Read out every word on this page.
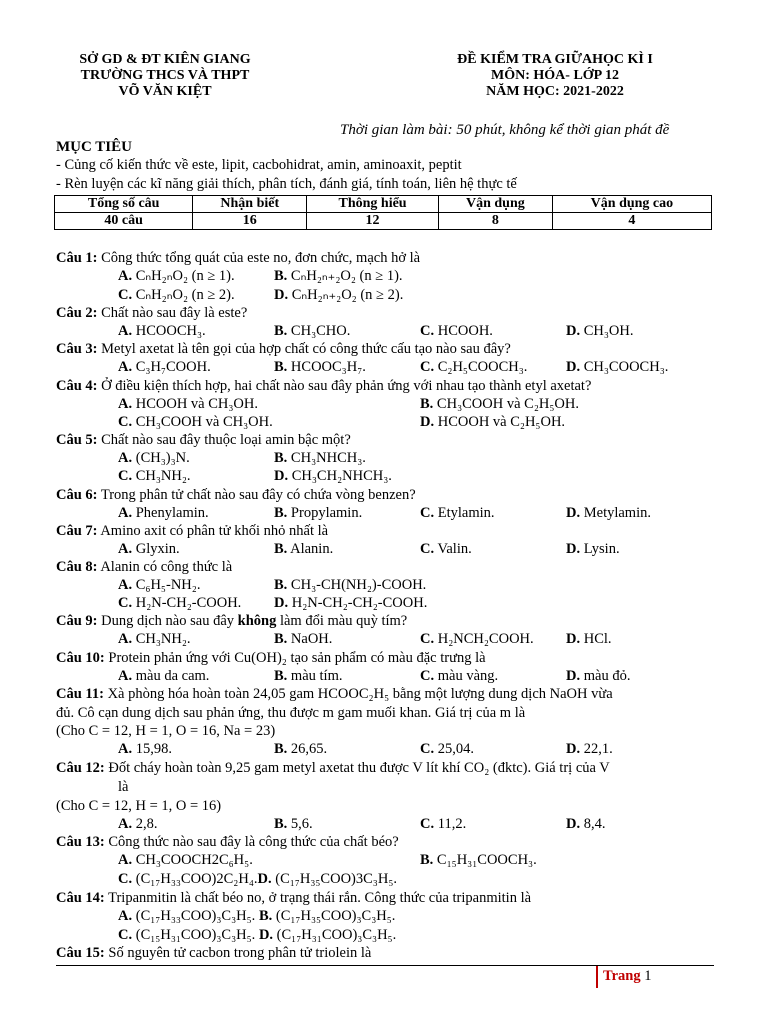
SỞ GD & ĐT KIÊN GIANG
TRƯỜNG THCS VÀ THPT
VÕ VĂN KIỆT
ĐỀ KIỂM TRA GIỮAHỌC KÌ I
MÔN: HÓA- LỚP 12
NĂM HỌC: 2021-2022
Thời gian làm bài: 50 phút, không kể thời gian phát đề
MỤC TIÊU
- Củng cố kiến thức về este, lipit, cacbohidrat, amin, aminoaxit, peptit
- Rèn luyện các kĩ năng giải thích, phân tích, đánh giá, tính toán, liên hệ thực tế
Tổng số câu	Nhận biết	Thông hiểu	Vận dụng	Vận dụng cao
40 câu	16	12	8	4
Câu 1: Công thức tổng quát của este no, đơn chức, mạch hở là
A. CₙH₂ₙO₂ (n ≥ 1).	B. CₙH₂ₙ₊₂O₂ (n ≥ 1).
C. CₙH₂ₙO₂ (n ≥ 2).	D. CₙH₂ₙ₊₂O₂ (n ≥ 2).
Câu 2: Chất nào sau đây là este?
A. HCOOCH₃.	B. CH₃CHO.	C. HCOOH.	D. CH₃OH.
Câu 3: Metyl axetat là tên gọi của hợp chất có công thức cấu tạo nào sau đây?
A. C₃H₇COOH.	B. HCOOC₃H₇.	C. C₂H₅COOCH₃.	D. CH₃COOCH₃.
Câu 4: Ở điều kiện thích hợp, hai chất nào sau đây phản ứng với nhau tạo thành etyl axetat?
A. HCOOH và CH₃OH.	B. CH₃COOH và C₂H₅OH.
C. CH₃COOH và CH₃OH.	D. HCOOH và C₂H₅OH.
Câu 5: Chất nào sau đây thuộc loại amin bậc một?
A. (CH₃)₃N.	B. CH₃NHCH₃.
C. CH₃NH₂.	D. CH₃CH₂NHCH₃.
Câu 6: Trong phân tử chất nào sau đây có chứa vòng benzen?
A. Phenylamin.	B. Propylamin.	C. Etylamin.	D. Metylamin.
Câu 7: Amino axit có phân tử khối nhỏ nhất là
A. Glyxin.	B. Alanin.	C. Valin.	D. Lysin.
Câu 8: Alanin có công thức là
A. C₆H₅-NH₂.	B. CH₃-CH(NH₂)-COOH.
C. H₂N-CH₂-COOH. D. H₂N-CH₂-CH₂-COOH.
Câu 9: Dung dịch nào sau đây không làm đổi màu quỳ tím?
A. CH₃NH₂.	B. NaOH.	C. H₂NCH₂COOH. D. HCl.
Câu 10: Protein phản ứng với Cu(OH)₂ tạo sản phẩm có màu đặc trưng là
A. màu da cam.	B. màu tím.	C. màu vàng.	D. màu đỏ.
Câu 11: Xà phòng hóa hoàn toàn 24,05 gam HCOOC₂H₅ bằng một lượng dung dịch NaOH vừa
đủ. Cô cạn dung dịch sau phản ứng, thu được m gam muối khan. Giá trị của m là
(Cho C = 12, H = 1, O = 16, Na = 23)
A. 15,98.	B. 26,65.	C. 25,04.	D. 22,1.
Câu 12: Đốt cháy hoàn toàn 9,25 gam metyl axetat thu được V lít khí CO₂ (đktc). Giá trị của V
là
(Cho C = 12, H = 1, O = 16)
A. 2,8.	B. 5,6.	C. 11,2.	D. 8,4.
Câu 13: Công thức nào sau đây là công thức của chất béo?
A. CH₃COOCH2C₆H₅.	B. C₁₅H₃₁COOCH₃.
C. (C₁₇H₃₃COO)2C₂H₄.D. (C₁₇H₃₅COO)3C₃H₅.
Câu 14: Tripanmitin là chất béo no, ở trạng thái rắn. Công thức của tripanmitin là
A. (C₁₇H₃₃COO)₃C₃H₅. B. (C₁₇H₃₅COO)₃C₃H₅.
C. (C₁₅H₃₁COO)₃C₃H₅. D. (C₁₇H₃₁COO)₃C₃H₅.
Câu 15: Số nguyên tử cacbon trong phân tử triolein là
Trang 1
